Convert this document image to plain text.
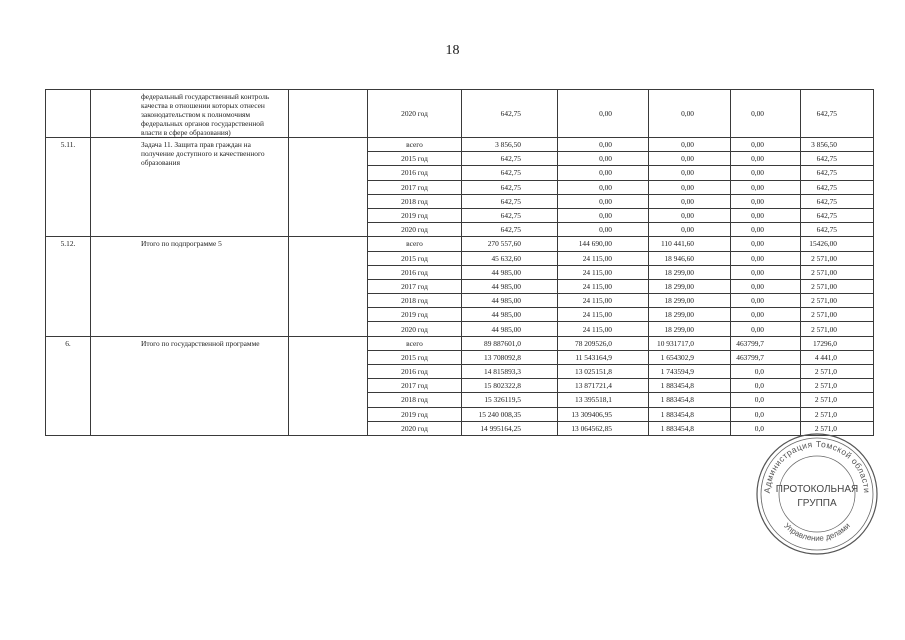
18
	федеральный государственный контроль качества в отношении которых отнесен законодательством к полномочиям федеральных органов государственной власти в сфере образования)		2020 год	642,75	0,00	0,00	0,00	642,75	
5.11.	Задача 11. Защита прав граждан на получение доступного и качественного образования		всего	3 856,50	0,00	0,00	0,00	3 856,50	
			2015 год	642,75	0,00	0,00	0,00	642,75	
			2016 год	642,75	0,00	0,00	0,00	642,75	
			2017 год	642,75	0,00	0,00	0,00	642,75	
			2018 год	642,75	0,00	0,00	0,00	642,75	
			2019 год	642,75	0,00	0,00	0,00	642,75	
			2020 год	642,75	0,00	0,00	0,00	642,75	
5.12.	Итого по подпрограмме 5		всего	270 557,60	144 690,00	110 441,60	0,00	15426,00	
			2015 год	45 632,60	24 115,00	18 946,60	0,00	2 571,00	
			2016 год	44 985,00	24 115,00	18 299,00	0,00	2 571,00	
			2017 год	44 985,00	24 115,00	18 299,00	0,00	2 571,00	
			2018 год	44 985,00	24 115,00	18 299,00	0,00	2 571,00	
			2019 год	44 985,00	24 115,00	18 299,00	0,00	2 571,00	
			2020 год	44 985,00	24 115,00	18 299,00	0,00	2 571,00	
6.	Итого по государственной программе		всего	89 887601,0	78 209526,0	10 931717,0	463799,7	17296,0	
			2015 год	13 708092,8	11 543164,9	1 654302,9	463799,7	4 441,0	
			2016 год	14 815893,3	13 025151,8	1 743594,9	0,0	2 571,0	
			2017 год	15 802322,8	13 871721,4	1 883454,8	0,0	2 571,0	
			2018 год	15 326119,5	13 395518,1	1 883454,8	0,0	2 571,0	
			2019 год	15 240 008,35	13 309406,95	1 883454,8	0,0	2 571,0	
			2020 год	14 995164,25	13 064562,85	1 883454,8	0,0	2 571,0	
Администрация Томской области
Управление делами
ПРОТОКОЛЬНАЯ
ГРУППА
